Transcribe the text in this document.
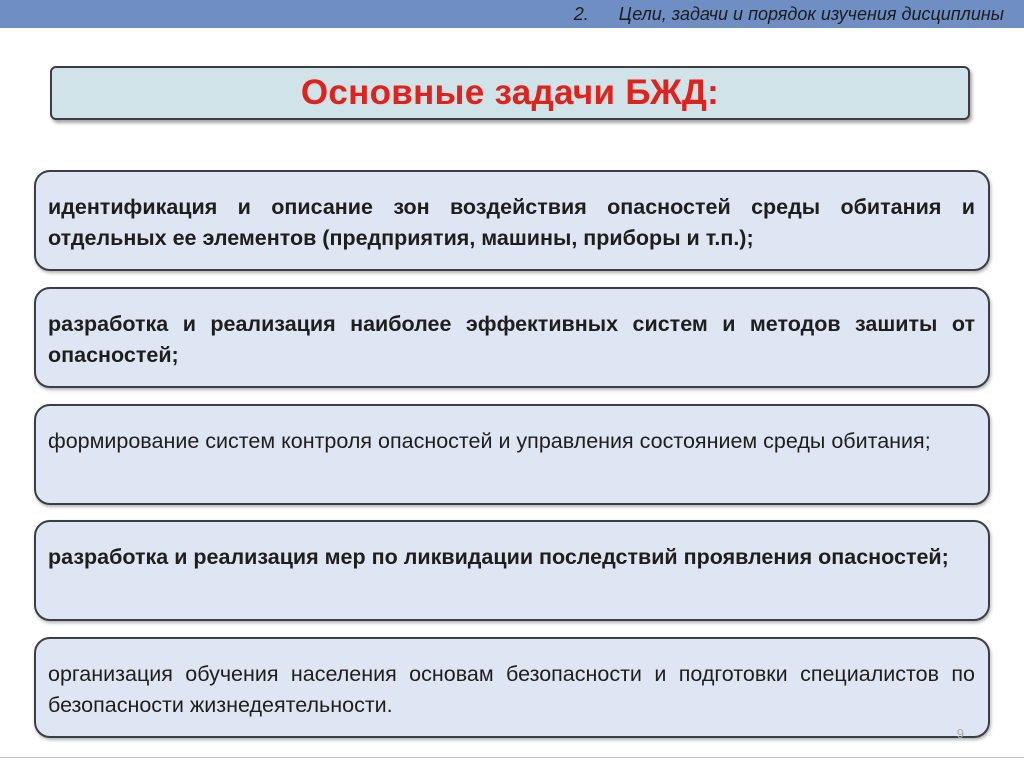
2. Цели, задачи и порядок изучения дисциплины
Основные задачи БЖД:
идентификация и описание зон воздействия опасностей среды обитания и отдельных ее элементов (предприятия, машины, приборы и т.п.);
разработка и реализация наиболее эффективных систем и методов зашиты от опасностей;
формирование систем контроля опасностей и управления состоянием среды обитания;
разработка и реализация мер по ликвидации последствий проявления опасностей;
организация обучения населения основам безопасности и подготовки специалистов по безопасности жизнедеятельности.
9
